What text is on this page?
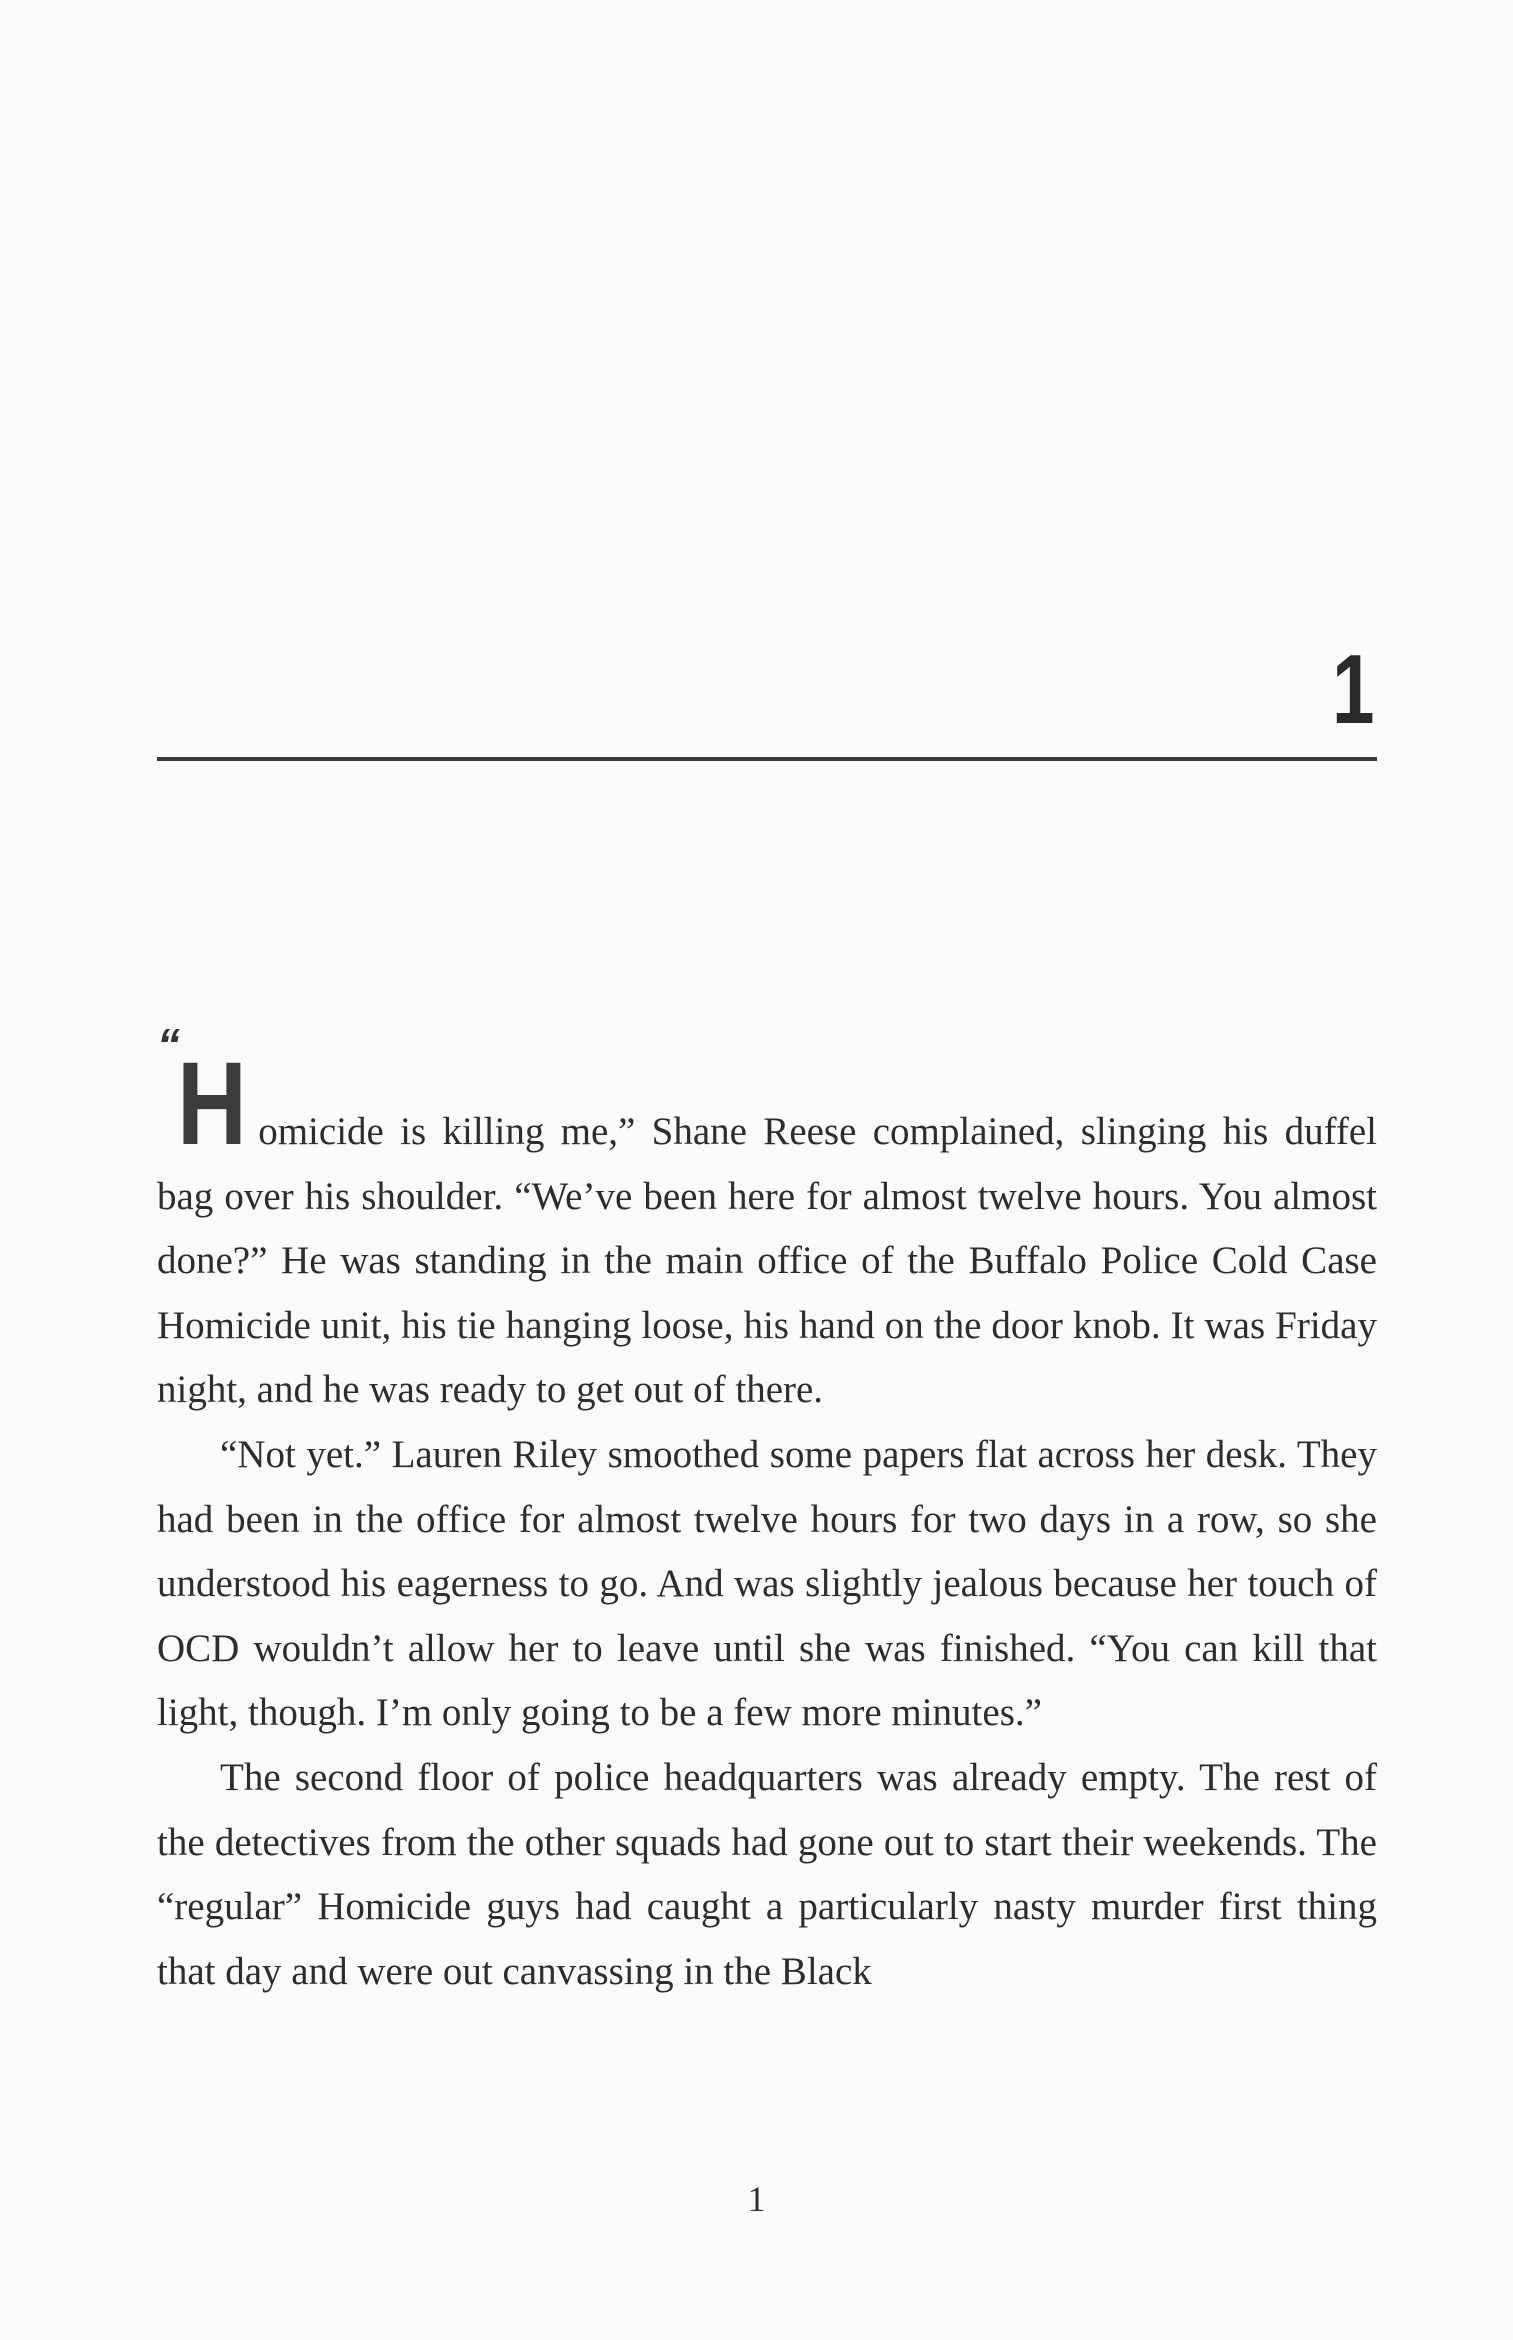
1

“
H omicide is killing me,” Shane Reese complained, slinging his duffel bag over his shoulder. “We’ve been here for almost twelve hours. You almost done?” He was standing in the main office of the Buffalo Police Cold Case Homicide unit, his tie hanging loose, his hand on the door knob. It was Friday night, and he was ready to get out of there.

“Not yet.” Lauren Riley smoothed some papers flat across her desk. They had been in the office for almost twelve hours for two days in a row, so she understood his eagerness to go. And was slightly jealous because her touch of OCD wouldn’t allow her to leave until she was finished. “You can kill that light, though. I’m only going to be a few more minutes.”

The second floor of police headquarters was already empty. The rest of the detectives from the other squads had gone out to start their weekends. The “regular” Homicide guys had caught a particularly nasty murder first thing that day and were out canvassing in the Black

1
